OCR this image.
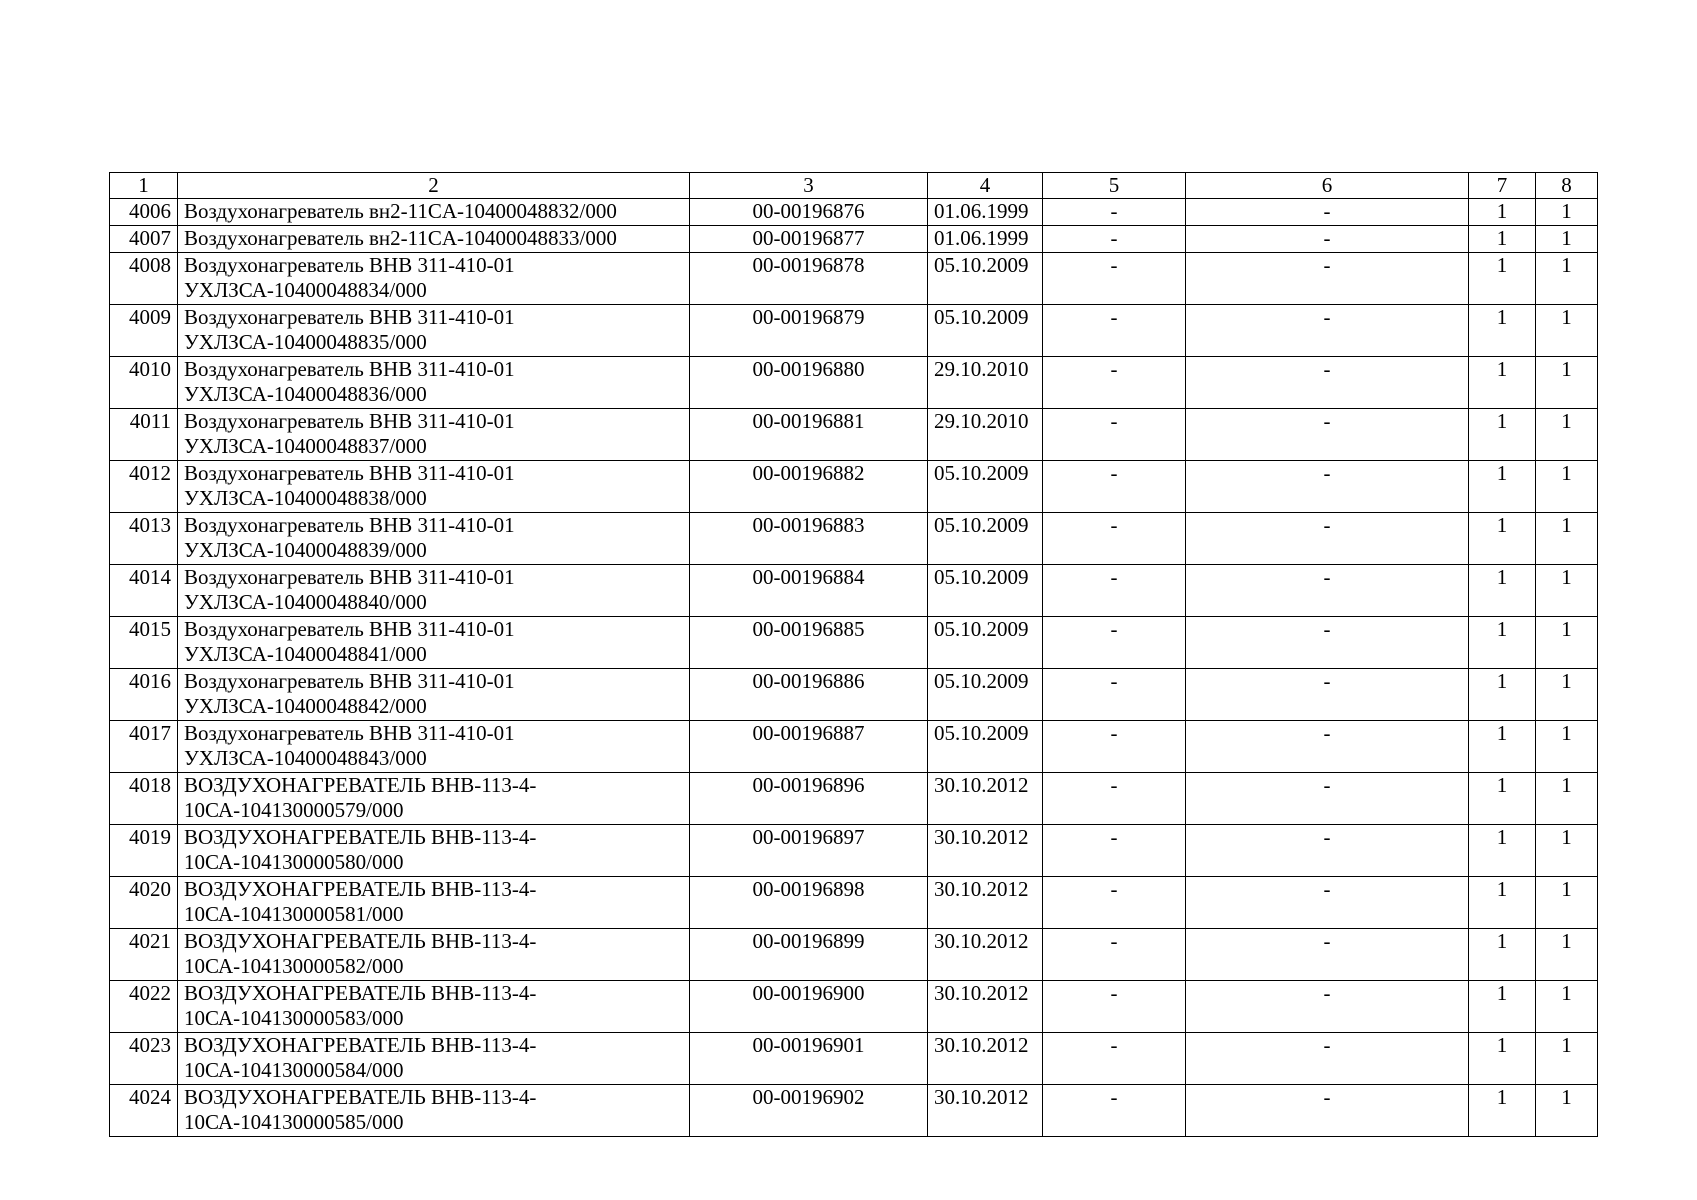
1	2	3	4	5	6	7	8
4006	Воздухонагреватель вн2-11CA-10400048832/000	00-00196876	01.06.1999	-	-	1	1
4007	Воздухонагреватель вн2-11CA-10400048833/000	00-00196877	01.06.1999	-	-	1	1
4008	Воздухонагреватель ВНВ 311-410-01 УХЛЗСА-10400048834/000	00-00196878	05.10.2009	-	-	1	1
4009	Воздухонагреватель ВНВ 311-410-01 УХЛЗСА-10400048835/000	00-00196879	05.10.2009	-	-	1	1
4010	Воздухонагреватель ВНВ 311-410-01 УХЛЗСА-10400048836/000	00-00196880	29.10.2010	-	-	1	1
4011	Воздухонагреватель ВНВ 311-410-01 УХЛЗСА-10400048837/000	00-00196881	29.10.2010	-	-	1	1
4012	Воздухонагреватель ВНВ 311-410-01 УХЛЗСА-10400048838/000	00-00196882	05.10.2009	-	-	1	1
4013	Воздухонагреватель ВНВ 311-410-01 УХЛЗСА-10400048839/000	00-00196883	05.10.2009	-	-	1	1
4014	Воздухонагреватель ВНВ 311-410-01 УХЛЗСА-10400048840/000	00-00196884	05.10.2009	-	-	1	1
4015	Воздухонагреватель ВНВ 311-410-01 УХЛЗСА-10400048841/000	00-00196885	05.10.2009	-	-	1	1
4016	Воздухонагреватель ВНВ 311-410-01 УХЛЗСА-10400048842/000	00-00196886	05.10.2009	-	-	1	1
4017	Воздухонагреватель ВНВ 311-410-01 УХЛЗСА-10400048843/000	00-00196887	05.10.2009	-	-	1	1
4018	ВОЗДУХОНАГРЕВАТЕЛЬ ВНВ-113-4-10СА-104130000579/000	00-00196896	30.10.2012	-	-	1	1
4019	ВОЗДУХОНАГРЕВАТЕЛЬ ВНВ-113-4-10СА-104130000580/000	00-00196897	30.10.2012	-	-	1	1
4020	ВОЗДУХОНАГРЕВАТЕЛЬ ВНВ-113-4-10СА-104130000581/000	00-00196898	30.10.2012	-	-	1	1
4021	ВОЗДУХОНАГРЕВАТЕЛЬ ВНВ-113-4-10СА-104130000582/000	00-00196899	30.10.2012	-	-	1	1
4022	ВОЗДУХОНАГРЕВАТЕЛЬ ВНВ-113-4-10СА-104130000583/000	00-00196900	30.10.2012	-	-	1	1
4023	ВОЗДУХОНАГРЕВАТЕЛЬ ВНВ-113-4-10СА-104130000584/000	00-00196901	30.10.2012	-	-	1	1
4024	ВОЗДУХОНАГРЕВАТЕЛЬ ВНВ-113-4-10СА-104130000585/000	00-00196902	30.10.2012	-	-	1	1
